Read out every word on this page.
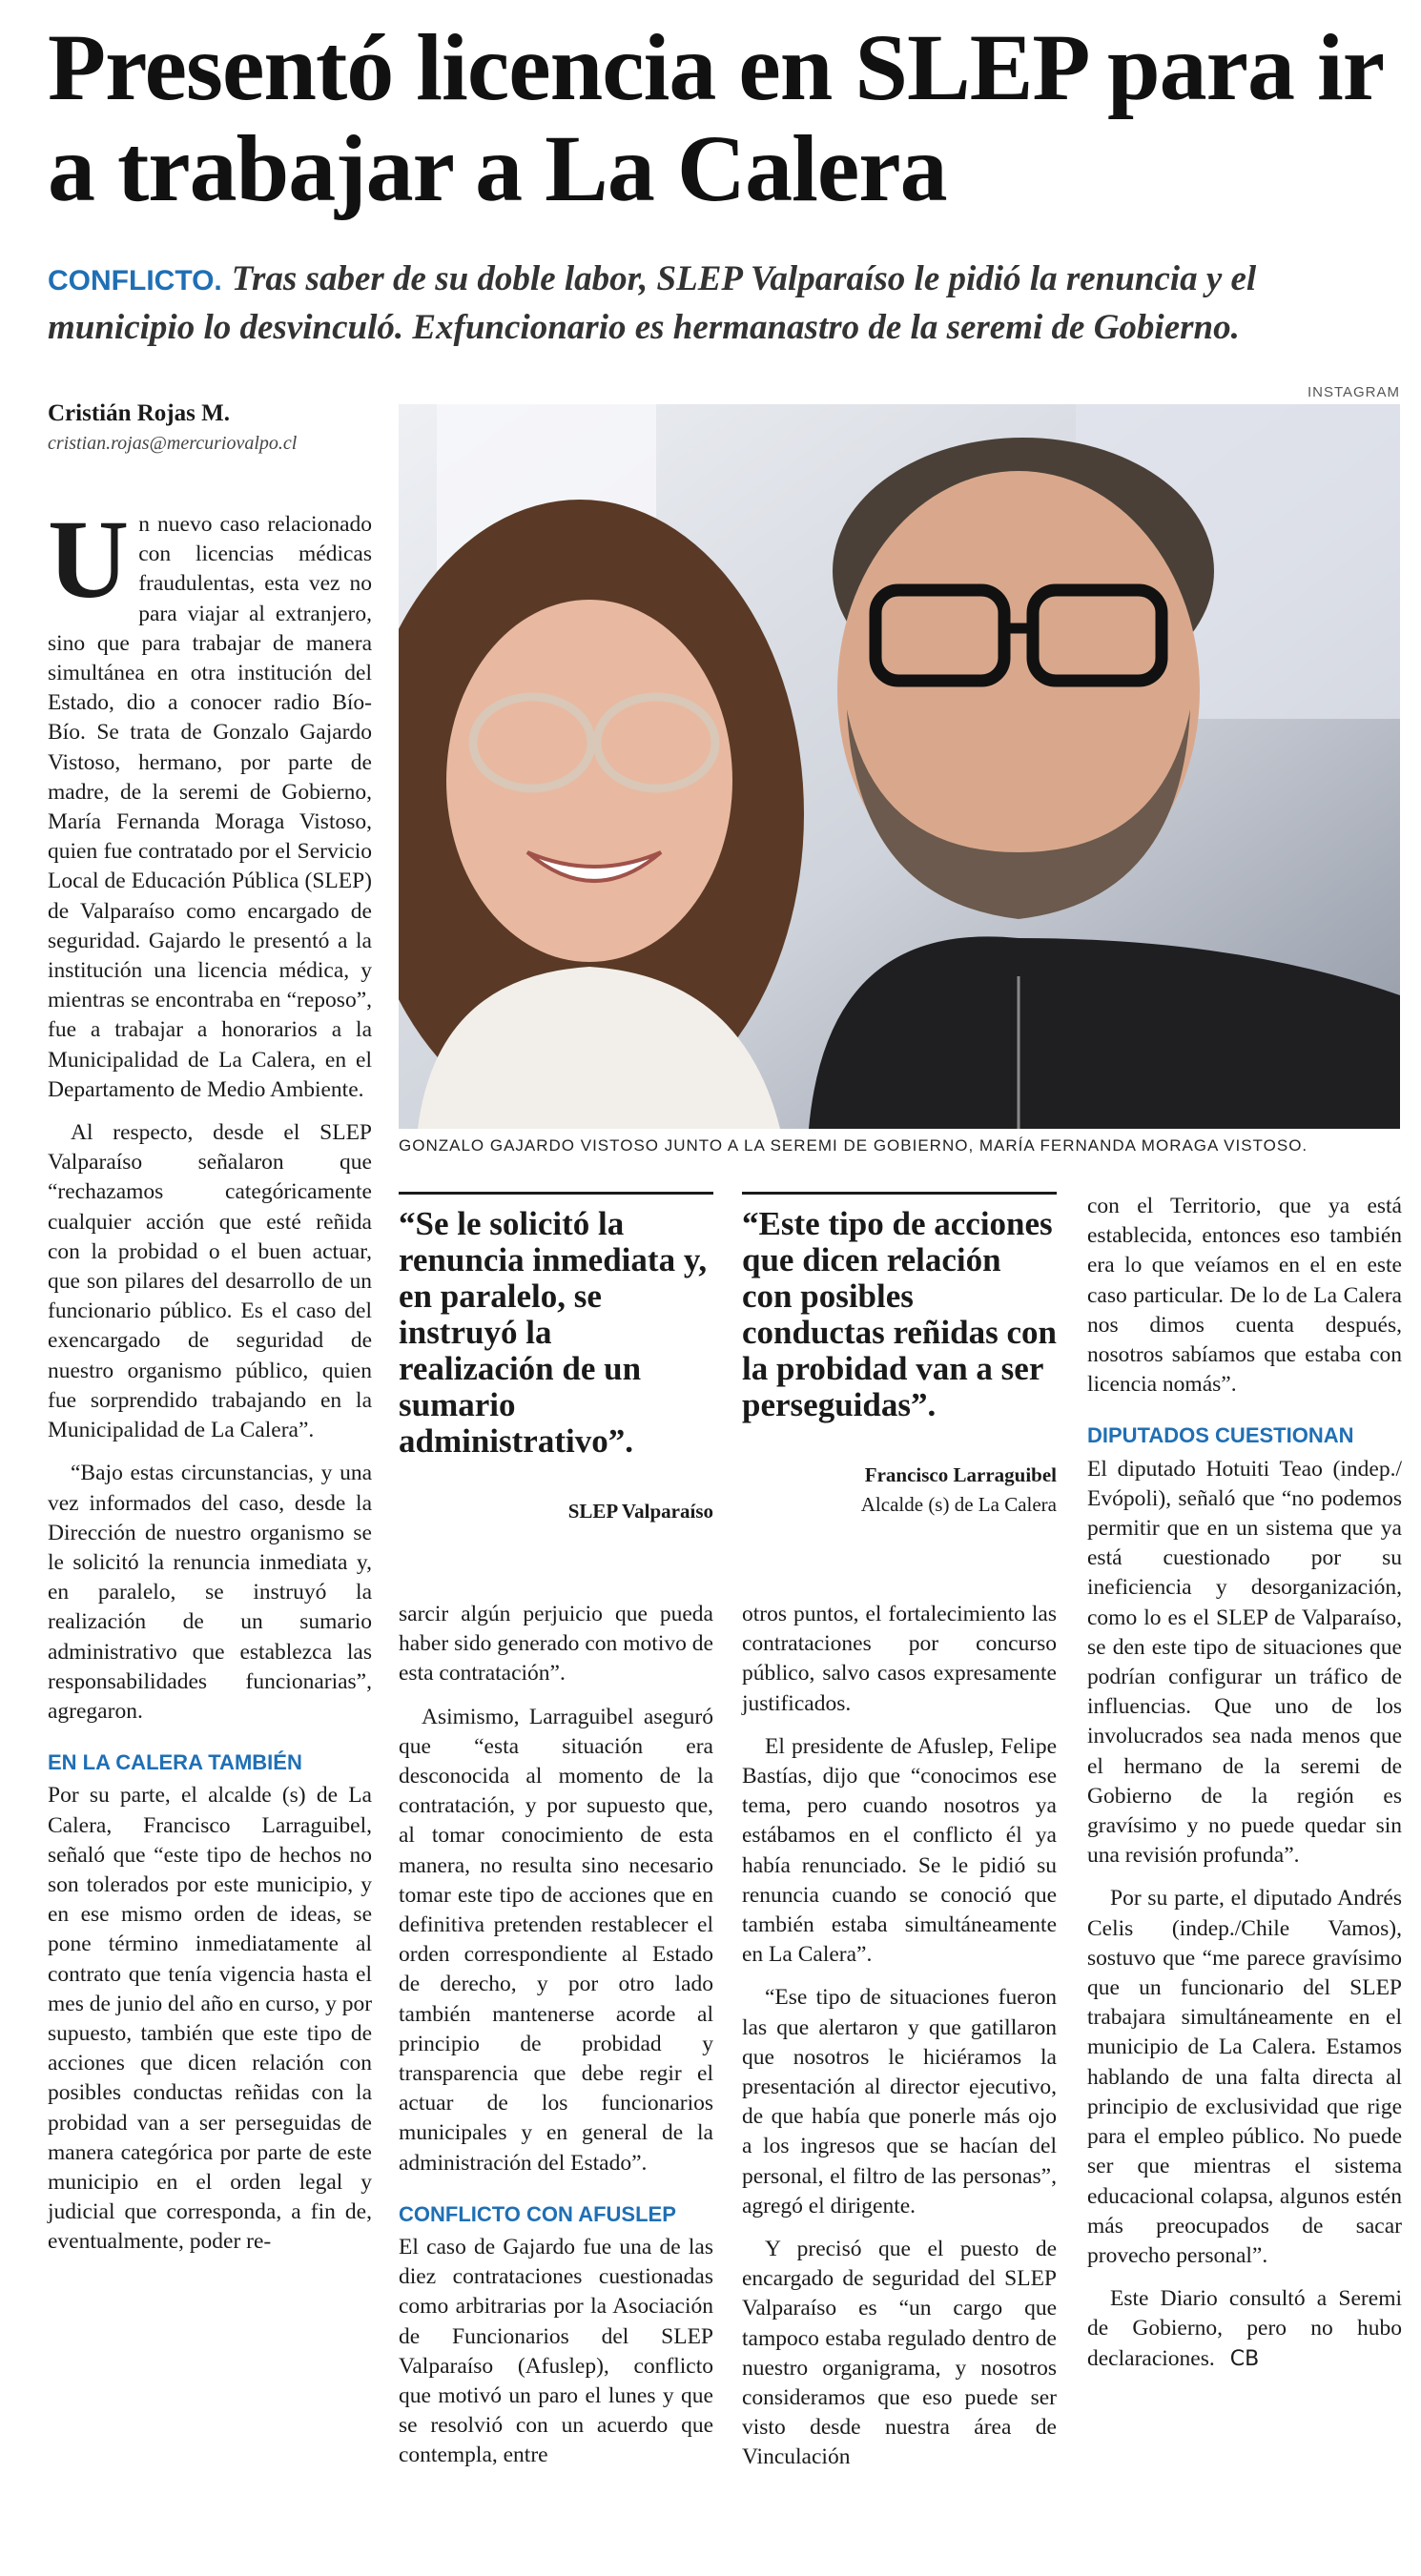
Presentó licencia en SLEP para ir a trabajar a La Calera
CONFLICTO. Tras saber de su doble labor, SLEP Valparaíso le pidió la renuncia y el municipio lo desvinculó. Exfuncionario es hermanastro de la seremi de Gobierno.
Cristián Rojas M.
cristian.rojas@mercuriovalpo.cl
INSTAGRAM
GONZALO GAJARDO VISTOSO JUNTO A LA SEREMI DE GOBIERNO, MARÍA FERNANDA MORAGA VISTOSO.

Un nuevo caso relacionado con licencias médicas fraudulentas, esta vez no para viajar al extranjero, sino que para trabajar de manera simultánea en otra institución del Estado, dio a conocer radio Bío-Bío. Se trata de Gonzalo Gajardo Vistoso, hermano, por parte de madre, de la seremi de Gobierno, María Fernanda Moraga Vistoso, quien fue contratado por el Servicio Local de Educación Pública (SLEP) de Valparaíso como encargado de seguridad. Gajardo le presentó a la institución una licencia médica, y mientras se encontraba en “reposo”, fue a trabajar a honorarios a la Municipalidad de La Calera, en el Departamento de Medio Ambiente.

Al respecto, desde el SLEP Valparaíso señalaron que “rechazamos categóricamente cualquier acción que esté reñida con la probidad o el buen actuar, que son pilares del desarrollo de un funcionario público. Es el caso del exencargado de seguridad de nuestro organismo público, quien fue sorprendido trabajando en la Municipalidad de La Calera”.

“Bajo estas circunstancias, y una vez informados del caso, desde la Dirección de nuestro organismo se le solicitó la renuncia inmediata y, en paralelo, se instruyó la realización de un sumario administrativo que establezca las responsabilidades funcionarias”, agregaron.

EN LA CALERA TAMBIÉN

Por su parte, el alcalde (s) de La Calera, Francisco Larraguibel, señaló que “este tipo de hechos no son tolerados por este municipio, y en ese mismo orden de ideas, se pone término inmediatamente al contrato que tenía vigencia hasta el mes de junio del año en curso, y por supuesto, también que este tipo de acciones que dicen relación con posibles conductas reñidas con la probidad van a ser perseguidas de manera categórica por parte de este municipio en el orden legal y judicial que corresponda, a fin de, eventualmente, poder re-

“Se le solicitó la renuncia inmediata y, en paralelo, se instruyó la realización de un sumario administrativo”.
SLEP Valparaíso
“Este tipo de acciones que dicen relación con posibles conductas reñidas con la probidad van a ser perseguidas”.
Francisco Larraguibel
Alcalde (s) de La Calera

sarcir algún perjuicio que pueda haber sido generado con motivo de esta contratación”.

Asimismo, Larraguibel aseguró que “esta situación era desconocida al momento de la contratación, y por supuesto que, al tomar conocimiento de esta manera, no resulta sino necesario tomar este tipo de acciones que en definitiva pretenden restablecer el orden correspondiente al Estado de derecho, y por otro lado también mantenerse acorde al principio de probidad y transparencia que debe regir el actuar de los funcionarios municipales y en general de la administración del Estado”.

CONFLICTO CON AFUSLEP

El caso de Gajardo fue una de las diez contrataciones cuestionadas como arbitrarias por la Asociación de Funcionarios del SLEP Valparaíso (Afuslep), conflicto que motivó un paro el lunes y que se resolvió con un acuerdo que contempla, entre

otros puntos, el fortalecimiento las contrataciones por concurso público, salvo casos expresamente justificados.

El presidente de Afuslep, Felipe Bastías, dijo que “conocimos ese tema, pero cuando nosotros ya estábamos en el conflicto él ya había renunciado. Se le pidió su renuncia cuando se conoció que también estaba simultáneamente en La Calera”.

“Ese tipo de situaciones fueron las que alertaron y que gatillaron que nosotros le hiciéramos la presentación al director ejecutivo, de que había que ponerle más ojo a los ingresos que se hacían del personal, el filtro de las personas”, agregó el dirigente.

Y precisó que el puesto de encargado de seguridad del SLEP Valparaíso es “un cargo que tampoco estaba regulado dentro de nuestro organigrama, y nosotros consideramos que eso puede ser visto desde nuestra área de Vinculación

con el Territorio, que ya está establecida, entonces eso también era lo que veíamos en el en este caso particular. De lo de La Calera nos dimos cuenta después, nosotros sabíamos que estaba con licencia nomás”.

DIPUTADOS CUESTIONAN

El diputado Hotuiti Teao (indep./ Evópoli), señaló que “no podemos permitir que en un sistema que ya está cuestionado por su ineficiencia y desorganización, como lo es el SLEP de Valparaíso, se den este tipo de situaciones que podrían configurar un tráfico de influencias. Que uno de los involucrados sea nada menos que el hermano de la seremi de Gobierno de la región es gravísimo y no puede quedar sin una revisión profunda”.

Por su parte, el diputado Andrés Celis (indep./Chile Vamos), sostuvo que “me parece gravísimo que un funcionario del SLEP trabajara simultáneamente en el municipio de La Calera. Estamos hablando de una falta directa al principio de exclusividad que rige para el empleo público. No puede ser que mientras el sistema educacional colapsa, algunos estén más preocupados de sacar provecho personal”.

Este Diario consultó a Seremi de Gobierno, pero no hubo declaraciones. CB
